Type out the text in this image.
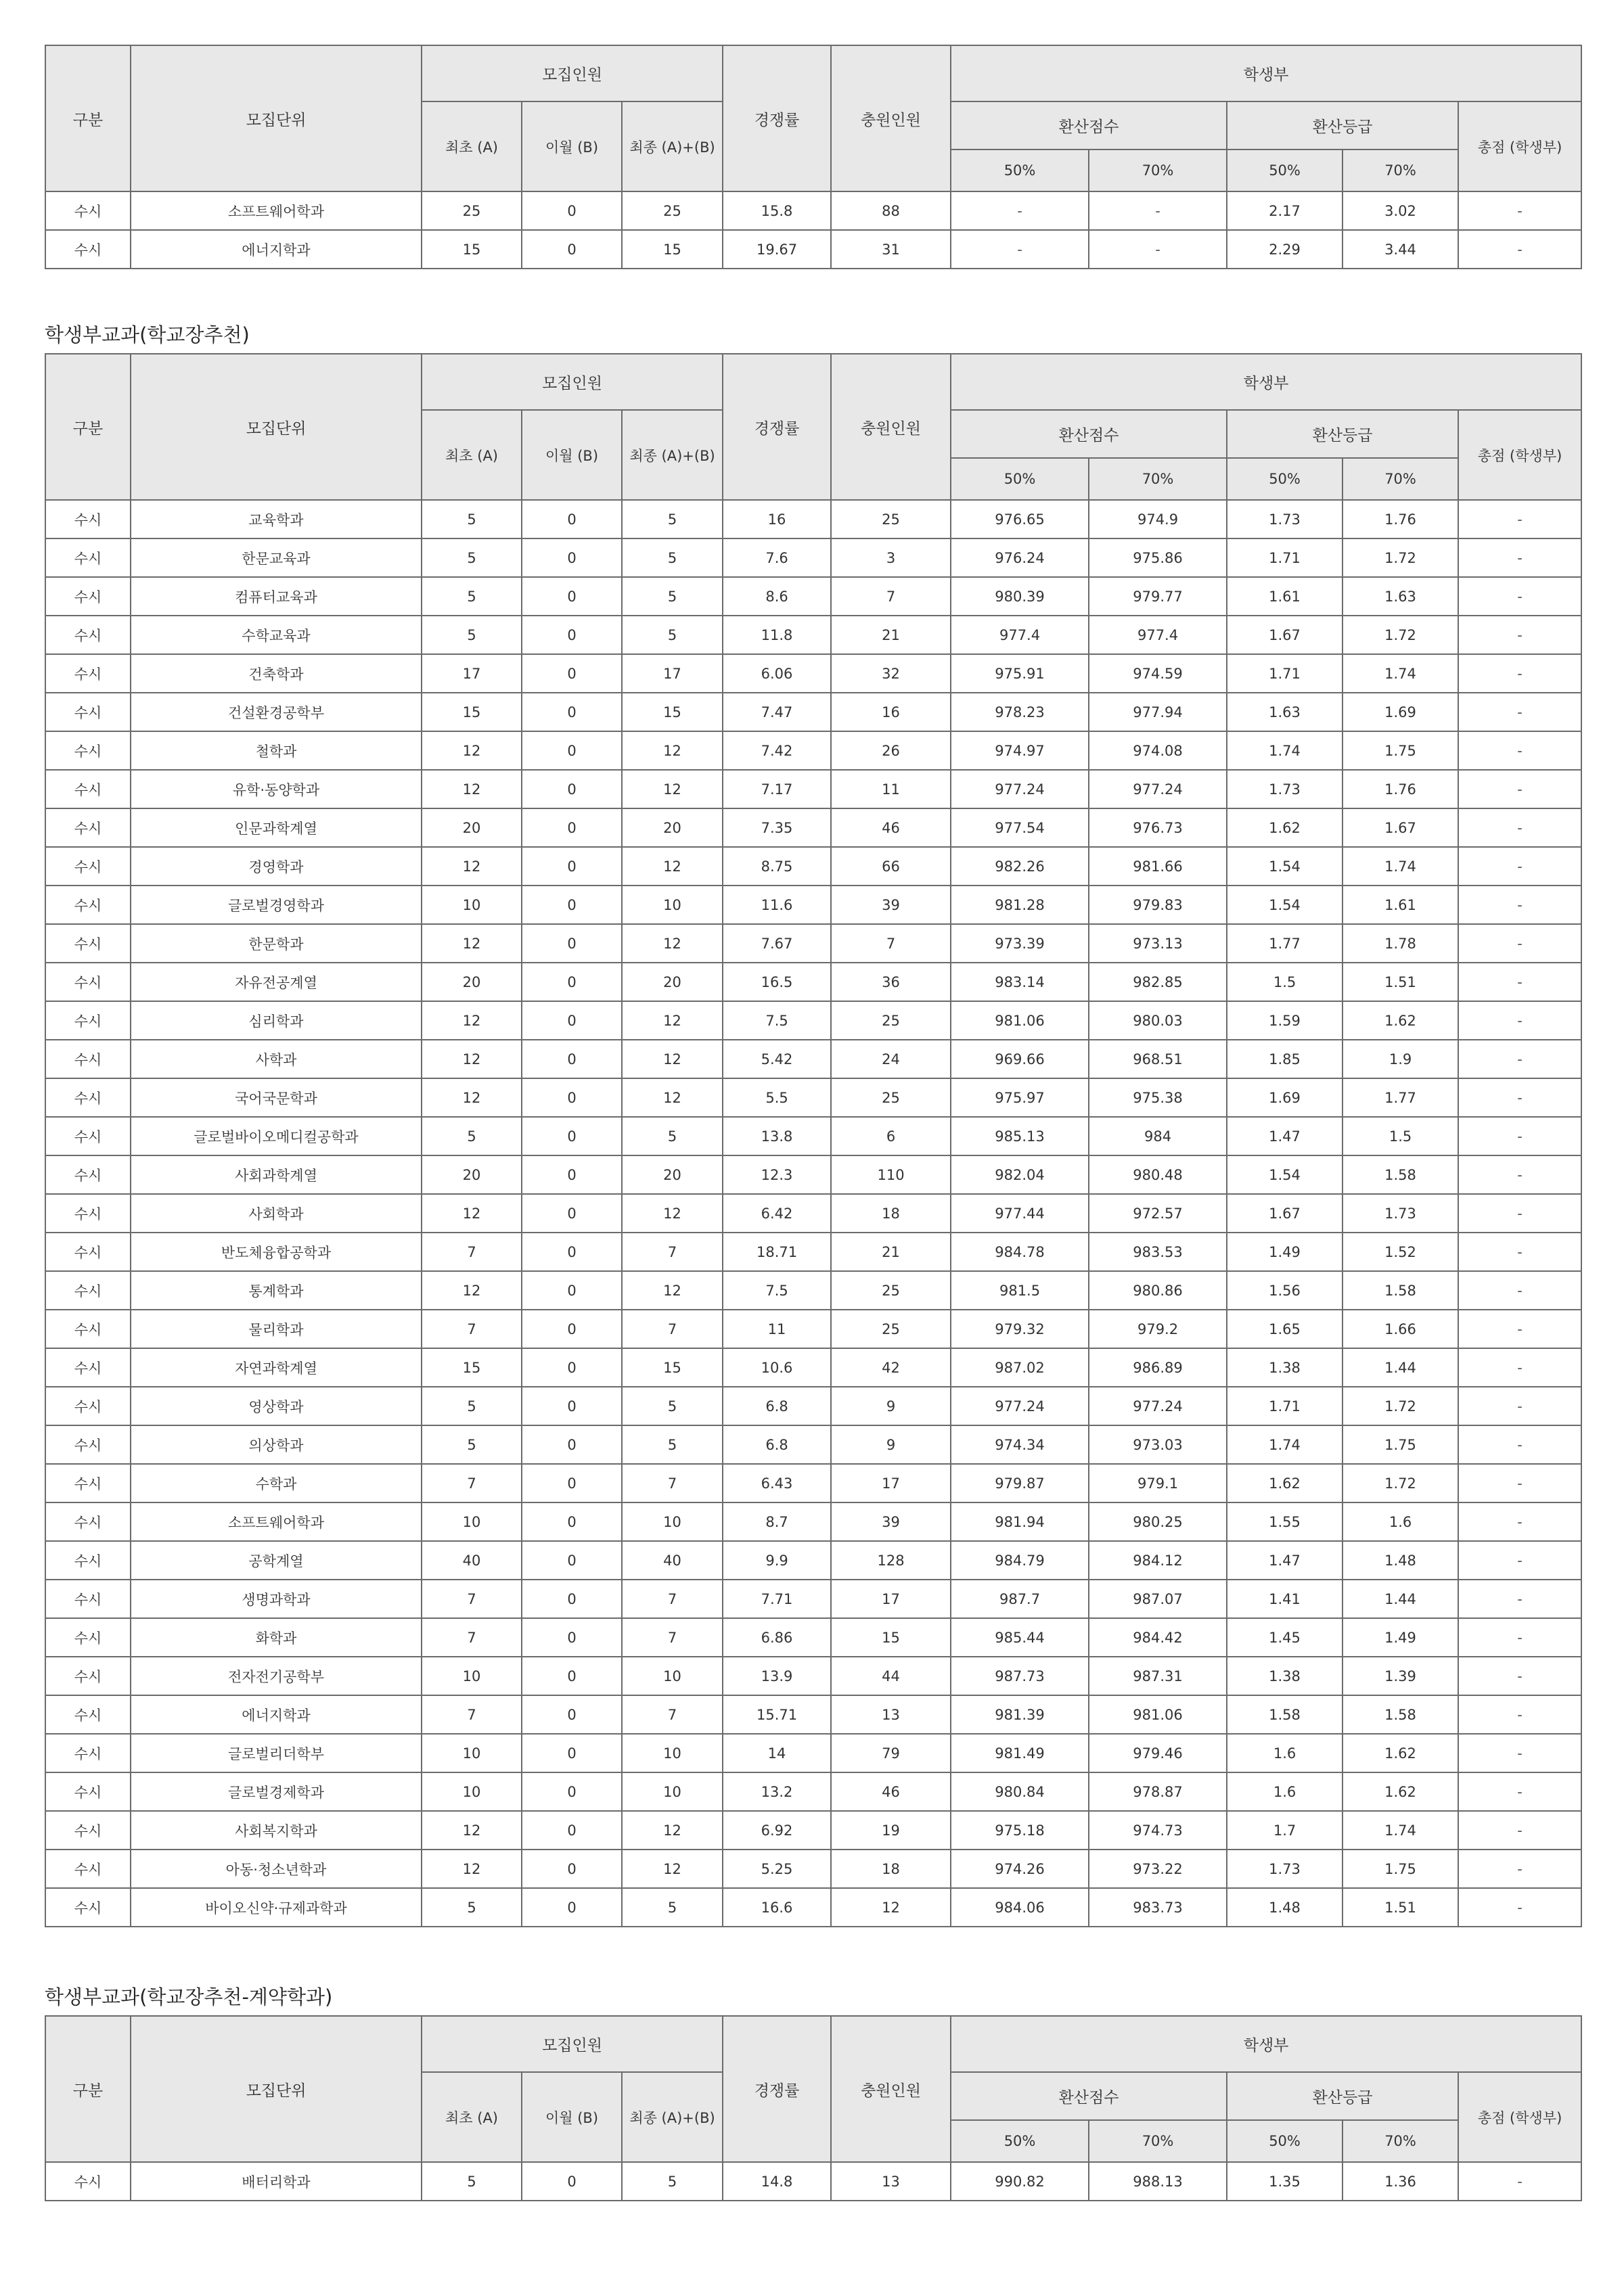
구분	모집단위	모집인원			경쟁률	충원인원	학생부				
		최초 (A)	이월 (B)	최종 (A)+(B)			환산점수		환산등급		총점 (학생부)
							50%	70%	50%	70%	
수시	소프트웨어학과	25	0	25	15.8	88	-	-	2.17	3.02	-
수시	에너지학과	15	0	15	19.67	31	-	-	2.29	3.44	-
학생부교과(학교장추천)
구분	모집단위	모집인원			경쟁률	충원인원	학생부				
		최초 (A)	이월 (B)	최종 (A)+(B)			환산점수		환산등급		총점 (학생부)
							50%	70%	50%	70%	
수시	교육학과	5	0	5	16	25	976.65	974.9	1.73	1.76	-
수시	한문교육과	5	0	5	7.6	3	976.24	975.86	1.71	1.72	-
수시	컴퓨터교육과	5	0	5	8.6	7	980.39	979.77	1.61	1.63	-
수시	수학교육과	5	0	5	11.8	21	977.4	977.4	1.67	1.72	-
수시	건축학과	17	0	17	6.06	32	975.91	974.59	1.71	1.74	-
수시	건설환경공학부	15	0	15	7.47	16	978.23	977.94	1.63	1.69	-
수시	철학과	12	0	12	7.42	26	974.97	974.08	1.74	1.75	-
수시	유학·동양학과	12	0	12	7.17	11	977.24	977.24	1.73	1.76	-
수시	인문과학계열	20	0	20	7.35	46	977.54	976.73	1.62	1.67	-
수시	경영학과	12	0	12	8.75	66	982.26	981.66	1.54	1.74	-
수시	글로벌경영학과	10	0	10	11.6	39	981.28	979.83	1.54	1.61	-
수시	한문학과	12	0	12	7.67	7	973.39	973.13	1.77	1.78	-
수시	자유전공계열	20	0	20	16.5	36	983.14	982.85	1.5	1.51	-
수시	심리학과	12	0	12	7.5	25	981.06	980.03	1.59	1.62	-
수시	사학과	12	0	12	5.42	24	969.66	968.51	1.85	1.9	-
수시	국어국문학과	12	0	12	5.5	25	975.97	975.38	1.69	1.77	-
수시	글로벌바이오메디컬공학과	5	0	5	13.8	6	985.13	984	1.47	1.5	-
수시	사회과학계열	20	0	20	12.3	110	982.04	980.48	1.54	1.58	-
수시	사회학과	12	0	12	6.42	18	977.44	972.57	1.67	1.73	-
수시	반도체융합공학과	7	0	7	18.71	21	984.78	983.53	1.49	1.52	-
수시	통계학과	12	0	12	7.5	25	981.5	980.86	1.56	1.58	-
수시	물리학과	7	0	7	11	25	979.32	979.2	1.65	1.66	-
수시	자연과학계열	15	0	15	10.6	42	987.02	986.89	1.38	1.44	-
수시	영상학과	5	0	5	6.8	9	977.24	977.24	1.71	1.72	-
수시	의상학과	5	0	5	6.8	9	974.34	973.03	1.74	1.75	-
수시	수학과	7	0	7	6.43	17	979.87	979.1	1.62	1.72	-
수시	소프트웨어학과	10	0	10	8.7	39	981.94	980.25	1.55	1.6	-
수시	공학계열	40	0	40	9.9	128	984.79	984.12	1.47	1.48	-
수시	생명과학과	7	0	7	7.71	17	987.7	987.07	1.41	1.44	-
수시	화학과	7	0	7	6.86	15	985.44	984.42	1.45	1.49	-
수시	전자전기공학부	10	0	10	13.9	44	987.73	987.31	1.38	1.39	-
수시	에너지학과	7	0	7	15.71	13	981.39	981.06	1.58	1.58	-
수시	글로벌리더학부	10	0	10	14	79	981.49	979.46	1.6	1.62	-
수시	글로벌경제학과	10	0	10	13.2	46	980.84	978.87	1.6	1.62	-
수시	사회복지학과	12	0	12	6.92	19	975.18	974.73	1.7	1.74	-
수시	아동·청소년학과	12	0	12	5.25	18	974.26	973.22	1.73	1.75	-
수시	바이오신약·규제과학과	5	0	5	16.6	12	984.06	983.73	1.48	1.51	-
학생부교과(학교장추천-계약학과)
구분	모집단위	모집인원			경쟁률	충원인원	학생부				
		최초 (A)	이월 (B)	최종 (A)+(B)			환산점수		환산등급		총점 (학생부)
							50%	70%	50%	70%	
수시	배터리학과	5	0	5	14.8	13	990.82	988.13	1.35	1.36	-
